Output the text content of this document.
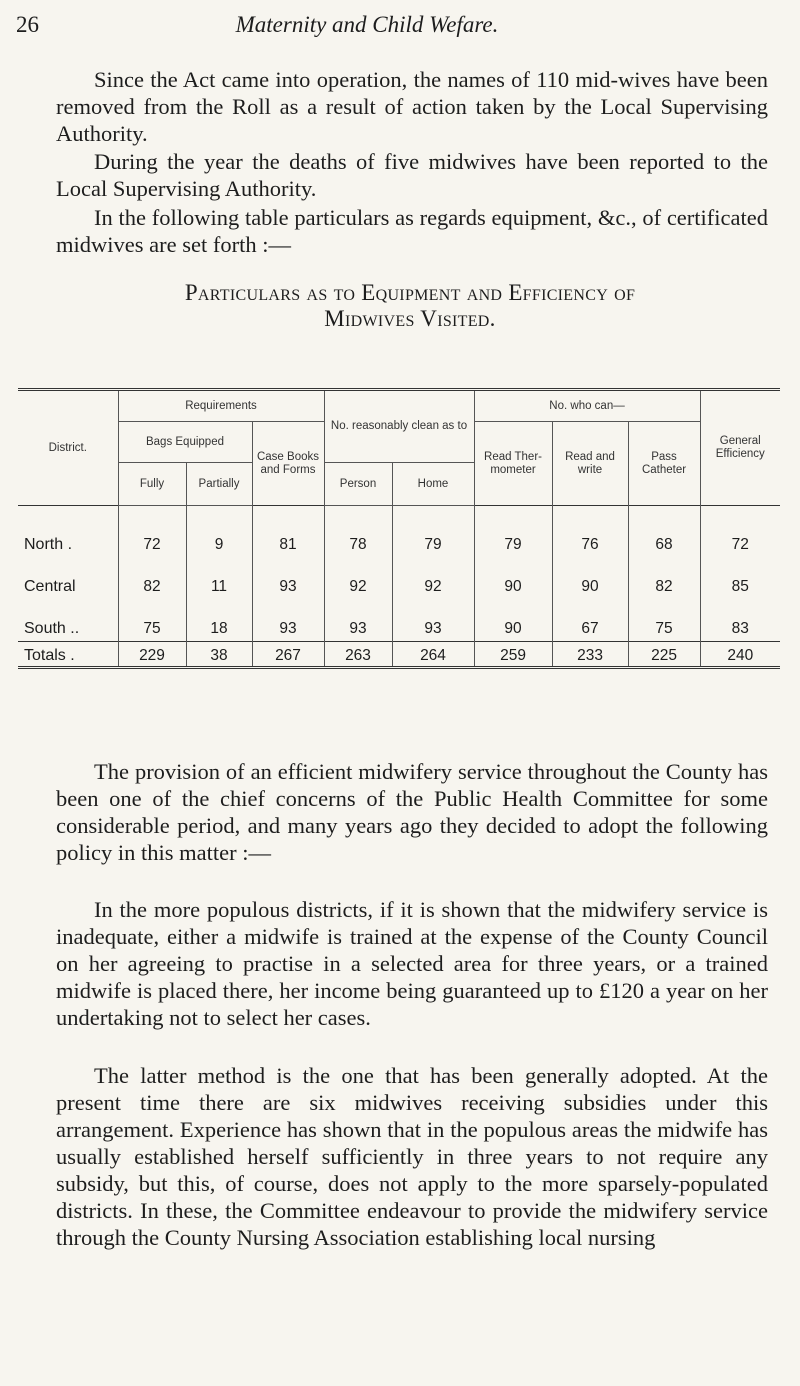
26	Maternity and Child Wefare.

Since the Act came into operation, the names of 110 mid-wives have been removed from the Roll as a result of action taken by the Local Supervising Authority.

During the year the deaths of five midwives have been reported to the Local Supervising Authority.

In the following table particulars as regards equipment, &c., of certificated midwives are set forth :—

Particulars as to Equipment and Efficiency of

Midwives Visited.

District.	Requirements			No. reasonably clean as to		No. who can—			General Efficiency
	Bags Equipped		Case Books and Forms			Read Ther-mometer	Read and write	Pass Catheter	
	Fully	Partially		Person	Home				
North .	72	9	81	78	79	79	76	68	72
Central	82	11	93	92	92	90	90	82	85
South ..	75	18	93	93	93	90	67	75	83
Totals .	229	38	267	263	264	259	233	225	240

The provision of an efficient midwifery service throughout the County has been one of the chief concerns of the Public Health Committee for some considerable period, and many years ago they decided to adopt the following policy in this matter :—

In the more populous districts, if it is shown that the midwifery service is inadequate, either a midwife is trained at the expense of the County Council on her agreeing to practise in a selected area for three years, or a trained midwife is placed there, her income being guaranteed up to £120 a year on her undertaking not to select her cases.

The latter method is the one that has been generally adopted. At the present time there are six midwives receiving subsidies under this arrangement. Experience has shown that in the populous areas the midwife has usually established herself sufficiently in three years to not require any subsidy, but this, of course, does not apply to the more sparsely-populated districts. In these, the Committee endeavour to provide the midwifery service through the County Nursing Association establishing local nursing
